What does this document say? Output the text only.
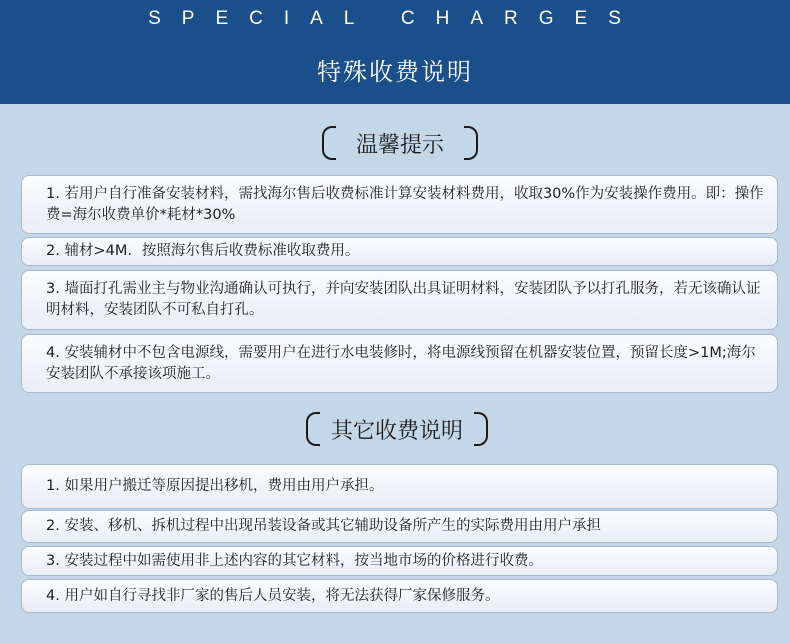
SPECIAL CHARGES
特殊收费说明
温馨提示
1. 若用户自行准备安装材料，需找海尔售后收费标准计算安装材料费用，收取30%作为安装操作费用。即：操作费=海尔收费单价*耗材*30%
2. 辅材>4M．按照海尔售后收费标准收取费用。
3. 墙面打孔需业主与物业沟通确认可执行，并向安装团队出具证明材料，安装团队予以打孔服务，若无该确认证明材料，安装团队不可私自打孔。
4. 安装辅材中不包含电源线，需要用户在进行水电装修时，将电源线预留在机器安装位置，预留长度>1M;海尔安装团队不承接该项施工。
其它收费说明
1. 如果用户搬迁等原因提出移机，费用由用户承担。
2. 安装、移机、拆机过程中出现吊装设备或其它辅助设备所产生的实际费用由用户承担
3. 安装过程中如需使用非上述内容的其它材料，按当地市场的价格进行收费。
4. 用户如自行寻找非厂家的售后人员安装，将无法获得厂家保修服务。
